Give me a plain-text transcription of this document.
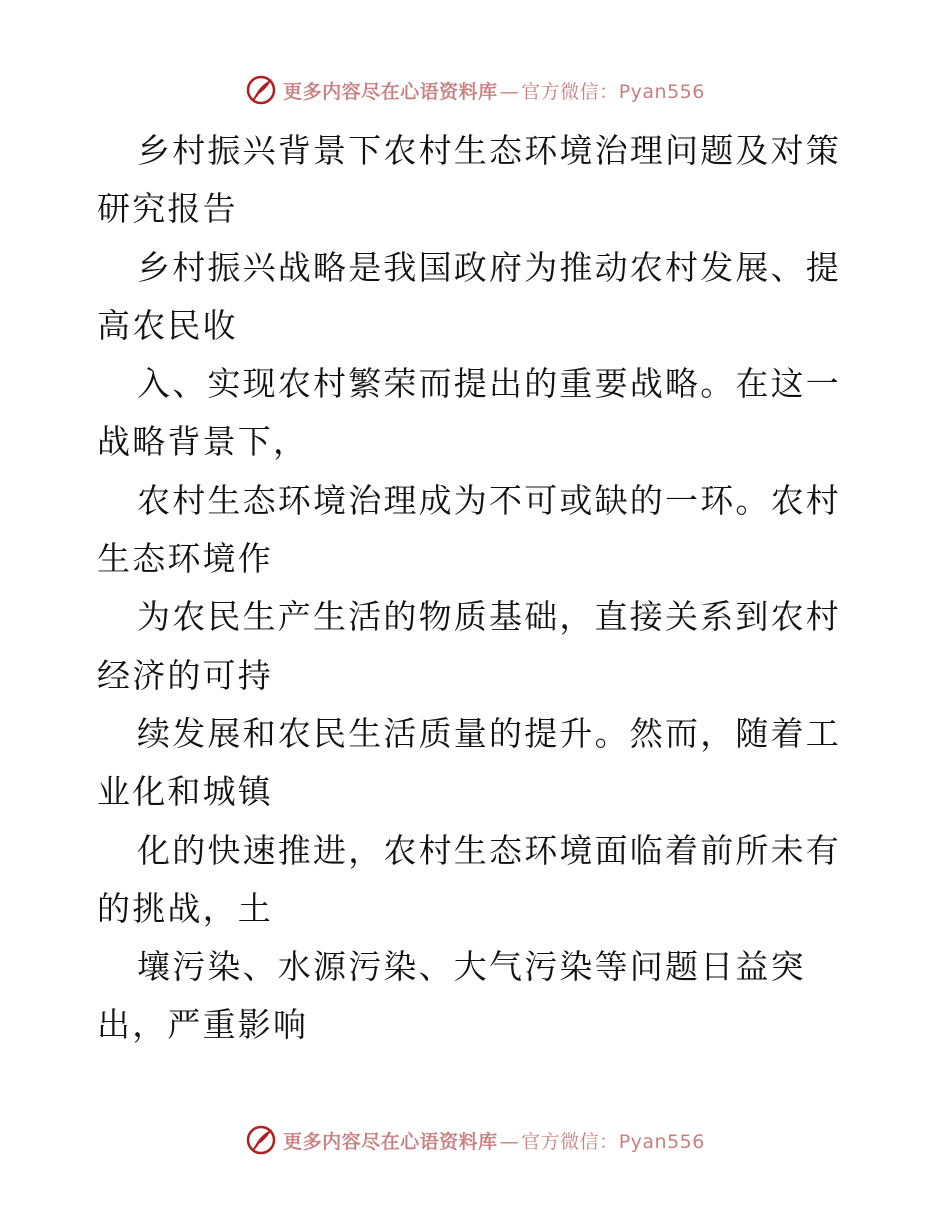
更多内容尽在心语资料库 — 官方微信：Pyan556

乡村振兴背景下农村生态环境治理问题及对策研究报告

乡村振兴战略是我国政府为推动农村发展、提高农民收

入、实现农村繁荣而提出的重要战略。在这一战略背景下，

农村生态环境治理成为不可或缺的一环。农村生态环境作

为农民生产生活的物质基础，直接关系到农村经济的可持

续发展和农民生活质量的提升。然而，随着工业化和城镇

化的快速推进，农村生态环境面临着前所未有的挑战，土

壤污染、水源污染、大气污染等问题日益突出，严重影响

更多内容尽在心语资料库 — 官方微信：Pyan556
